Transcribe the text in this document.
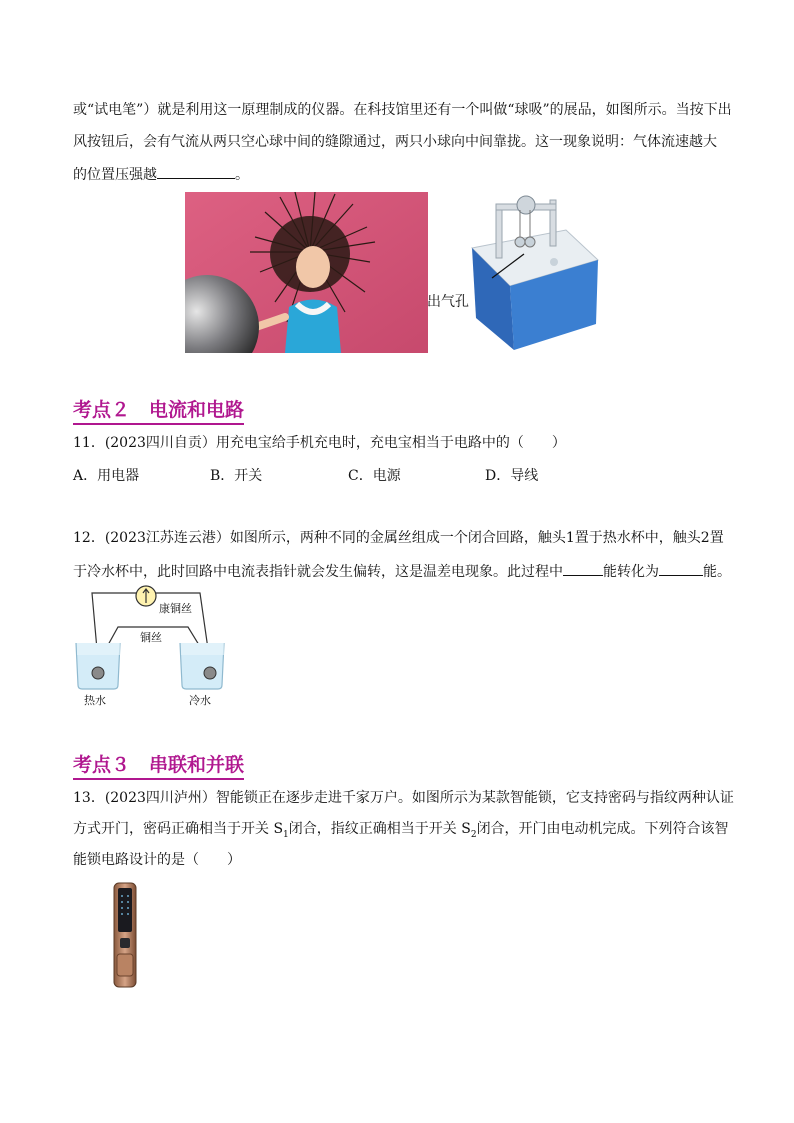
或“试电笔”）就是利用这一原理制成的仪器。在科技馆里还有一个叫做“球吸”的展品，如图所示。当按下出
风按钮后，会有气流从两只空心球中间的缝隙通过，两只小球向中间靠拢。这一现象说明：气体流速越大
的位置压强越	。
出气孔
考点２　电流和电路
11．(2023四川自贡）用充电宝给手机充电时，充电宝相当于电路中的（　　）
A．用电器	B．开关	C．电源	D．导线
12．(2023江苏连云港）如图所示，两种不同的金属丝组成一个闭合回路，触头1置于热水杯中，触头2置
于冷水杯中，此时回路中电流表指针就会发生偏转，这是温差电现象。此过程中	能转化为	能。
康铜丝
铜丝
热水	冷水
考点３　串联和并联
13．(2023四川泸州）智能锁正在逐步走进千家万户。如图所示为某款智能锁，它支持密码与指纹两种认证
方式开门，密码正确相当于开关 $S_1$闭合，指纹正确相当于开关 $S_2$闭合，开门由电动机完成。下列符合该智
能锁电路设计的是（　　）
